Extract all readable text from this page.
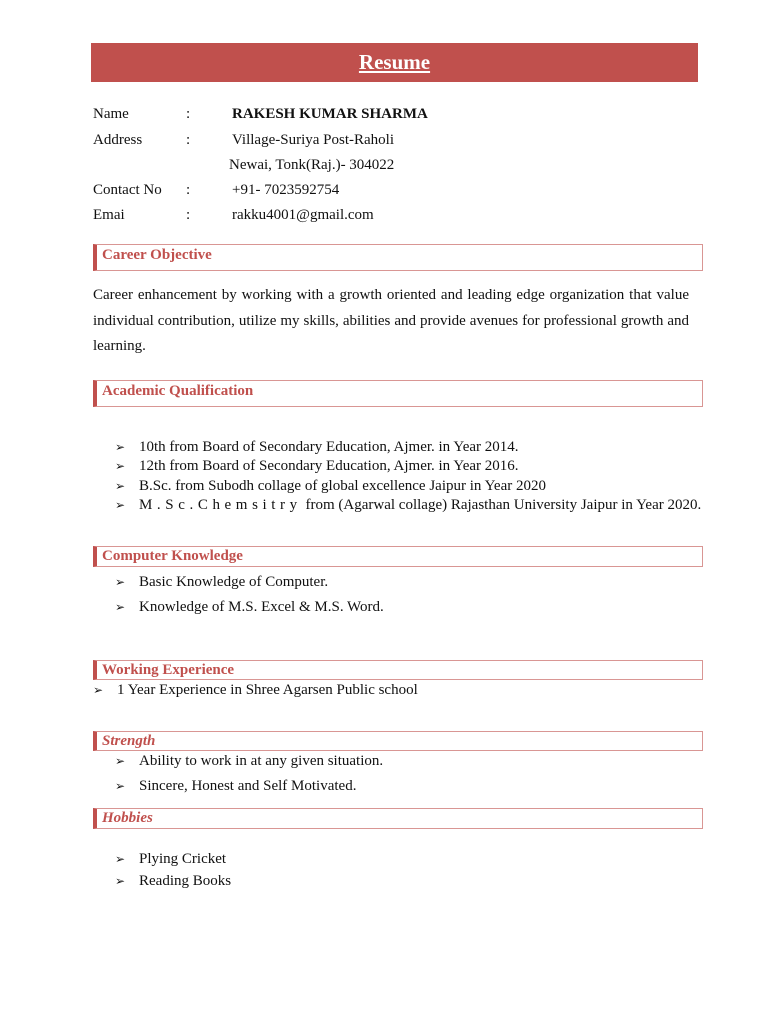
Resume
Name	:	RAKESH KUMAR SHARMA
Address	:	Village-Suriya Post-Raholi
Newai, Tonk(Raj.)- 304022
Contact No :	+91- 7023592754
Emai	:	rakku4001@gmail.com
Career Objective
Career enhancement by working with a growth oriented and leading edge organization that value individual contribution, utilize my skills, abilities and provide avenues for professional growth and learning.
Academic Qualification
➢ 10th from Board of Secondary Education, Ajmer. in Year 2014.
➢ 12th from Board of Secondary Education, Ajmer. in Year 2016.
➢ B.Sc. from Subodh collage of global excellence Jaipur in Year 2020
➢ M.Sc.Chemsitry from (Agarwal collage) Rajasthan University Jaipur in Year 2020.
Computer Knowledge
➢ Basic Knowledge of Computer.
➢ Knowledge of M.S. Excel & M.S. Word.
Working Experience
➢ 1 Year Experience in Shree Agarsen Public school
Strength
➢ Ability to work in at any given situation.
➢ Sincere, Honest and Self Motivated.
Hobbies
➢ Plying Cricket
➢ Reading Books
